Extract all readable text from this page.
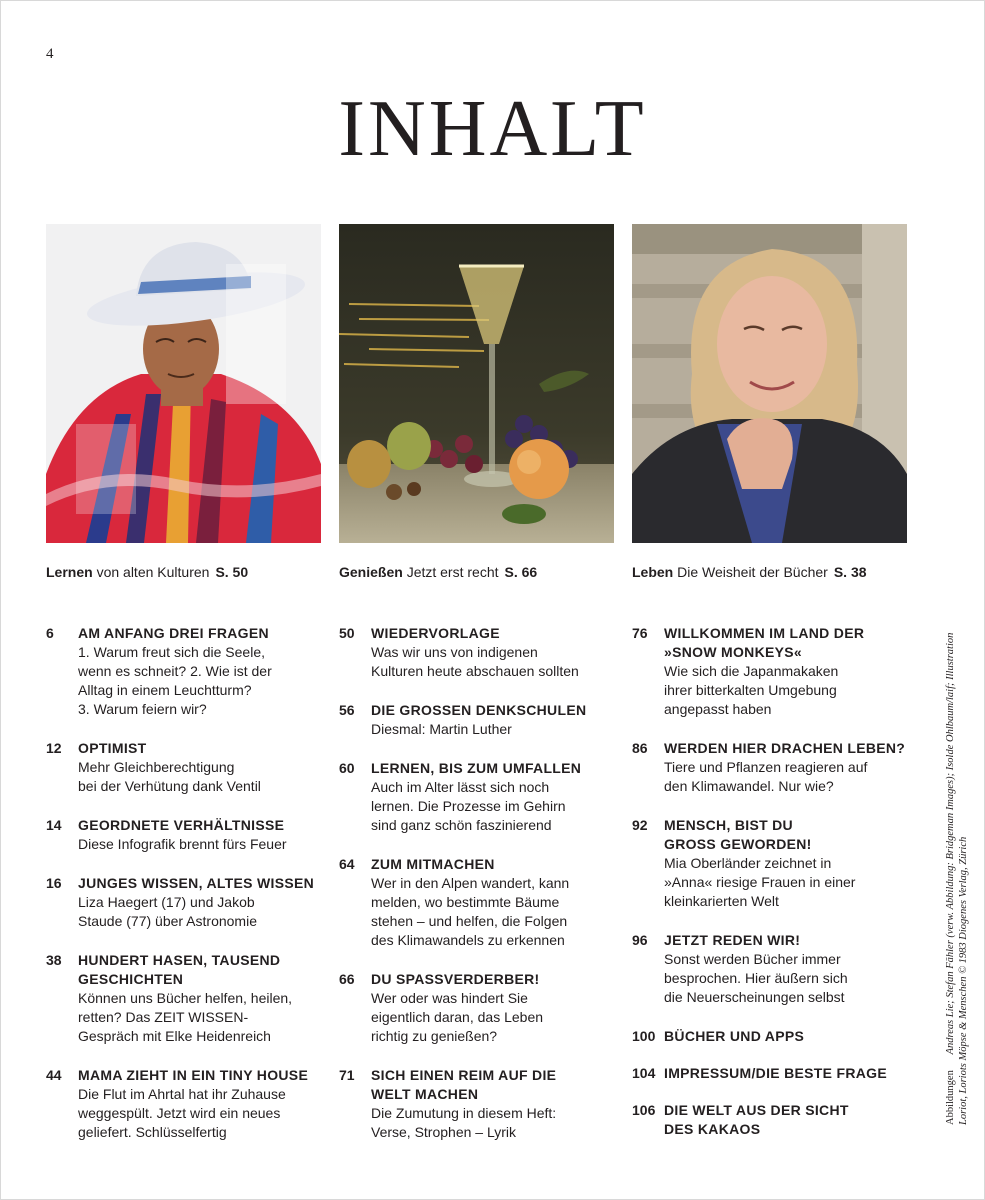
4
INHALT
Lernen von alten Kulturen S. 50	Genießen Jetzt erst recht S. 66	Leben Die Weisheit der Bücher S. 38
6 AM ANFANG DREI FRAGEN
1. Warum freut sich die Seele,
wenn es schneit? 2. Wie ist der
Alltag in einem Leuchtturm?
3. Warum feiern wir?
12 OPTIMIST
Mehr Gleichberechtigung
bei der Verhütung dank Ventil
14 GEORDNETE VERHÄLTNISSE
Diese Infografik brennt fürs Feuer
16 JUNGES WISSEN, ALTES WISSEN
Liza Haegert (17) und Jakob
Staude (77) über Astronomie
38 HUNDERT HASEN, TAUSEND
GESCHICHTEN
Können uns Bücher helfen, heilen,
retten? Das ZEIT WISSEN-
Gespräch mit Elke Heidenreich
44 MAMA ZIEHT IN EIN TINY HOUSE
Die Flut im Ahrtal hat ihr Zuhause
weggespült. Jetzt wird ein neues
geliefert. Schlüsselfertig
50 WIEDERVORLAGE
Was wir uns von indigenen
Kulturen heute abschauen sollten
56 DIE GROSSEN DENKSCHULEN
Diesmal: Martin Luther
60 LERNEN, BIS ZUM UMFALLEN
Auch im Alter lässt sich noch
lernen. Die Prozesse im Gehirn
sind ganz schön faszinierend
64 ZUM MITMACHEN
Wer in den Alpen wandert, kann
melden, wo bestimmte Bäume
stehen – und helfen, die Folgen
des Klimawandels zu erkennen
66 DU SPASSVERDERBER!
Wer oder was hindert Sie
eigentlich daran, das Leben
richtig zu genießen?
71 SICH EINEN REIM AUF DIE
WELT MACHEN
Die Zumutung in diesem Heft:
Verse, Strophen – Lyrik
76 WILLKOMMEN IM LAND DER
»SNOW MONKEYS«
Wie sich die Japanmakaken
ihrer bitterkalten Umgebung
angepasst haben
86 WERDEN HIER DRACHEN LEBEN?
Tiere und Pflanzen reagieren auf
den Klimawandel. Nur wie?
92 MENSCH, BIST DU
GROSS GEWORDEN!
Mia Oberländer zeichnet in
»Anna« riesige Frauen in einer
kleinkarierten Welt
96 JETZT REDEN WIR!
Sonst werden Bücher immer
besprochen. Hier äußern sich
die Neuerscheinungen selbst
100 BÜCHER UND APPS
104 IMPRESSUM/DIE BESTE FRAGE
106 DIE WELT AUS DER SICHT
DES KAKAOS
Abbildungen      Andreas Lie; Stefan Fähler (verw. Abbildung: Bridgeman Images); Isolde Ohlbaum/laif; Illustration Loriot, Loriots Möpse & Menschen © 1983 Diogenes Verlag, Zürich
